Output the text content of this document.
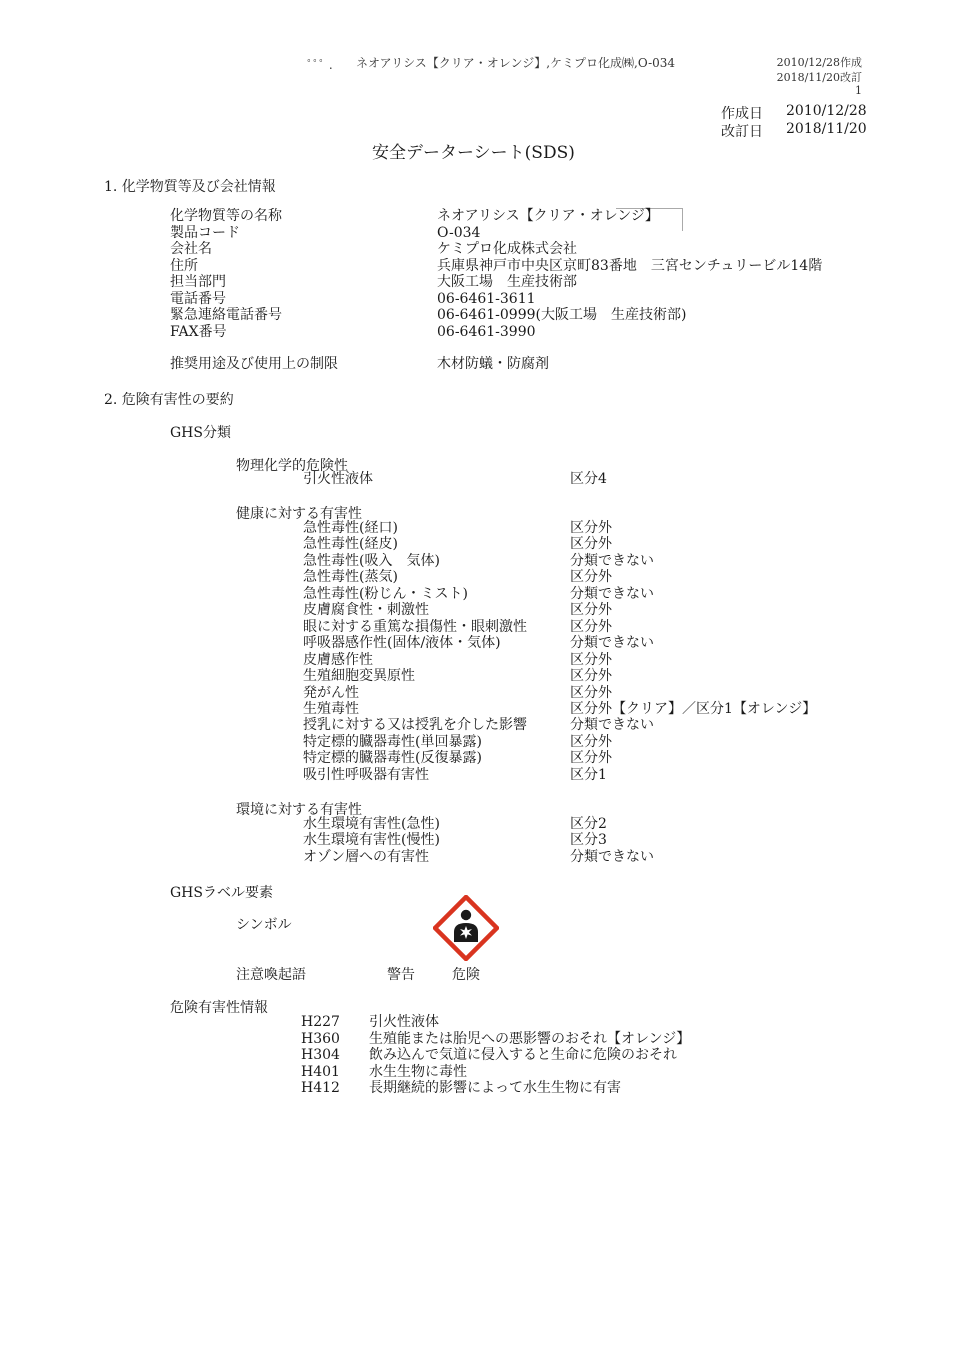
ﾟﾟﾟ . ネオアリシス【クリア・オレンジ】,ケミプロ化成㈱,O-034	2010/12/28作成
2018/11/20改訂
1
作成日 2010/12/28
改訂日 2018/11/20
安全データーシート(SDS)
1. 化学物質等及び会社情報
化学物質等の名称	ネオアリシス【クリア・オレンジ】
製品コード	O-034
会社名	ケミプロ化成株式会社
住所	兵庫県神戸市中央区京町83番地　三宮センチュリービル14階
担当部門	大阪工場　生産技術部
電話番号	06-6461-3611
緊急連絡電話番号	06-6461-0999(大阪工場　生産技術部)
FAX番号	06-6461-3990
推奨用途及び使用上の制限	木材防蟻・防腐剤
2. 危険有害性の要約
GHS分類
物理化学的危険性
引火性液体	区分4
健康に対する有害性
急性毒性(経口)	区分外
急性毒性(経皮)	区分外
急性毒性(吸入　気体)	分類できない
急性毒性(蒸気)	区分外
急性毒性(粉じん・ミスト)	分類できない
皮膚腐食性・刺激性	区分外
眼に対する重篤な損傷性・眼刺激性	区分外
呼吸器感作性(固体/液体・気体)	分類できない
皮膚感作性	区分外
生殖細胞変異原性	区分外
発がん性	区分外
生殖毒性	区分外【クリア】／区分1【オレンジ】
授乳に対する又は授乳を介した影響	分類できない
特定標的臓器毒性(単回暴露)	区分外
特定標的臓器毒性(反復暴露)	区分外
吸引性呼吸器有害性	区分1
環境に対する有害性
水生環境有害性(急性)	区分2
水生環境有害性(慢性)	区分3
オゾン層への有害性	分類できない
GHSラベル要素
シンボル
注意喚起語	警告	危険
危険有害性情報
H227 引火性液体
H360 生殖能または胎児への悪影響のおそれ【オレンジ】
H304 飲み込んで気道に侵入すると生命に危険のおそれ
H401 水生生物に毒性
H412 長期継続的影響によって水生生物に有害
